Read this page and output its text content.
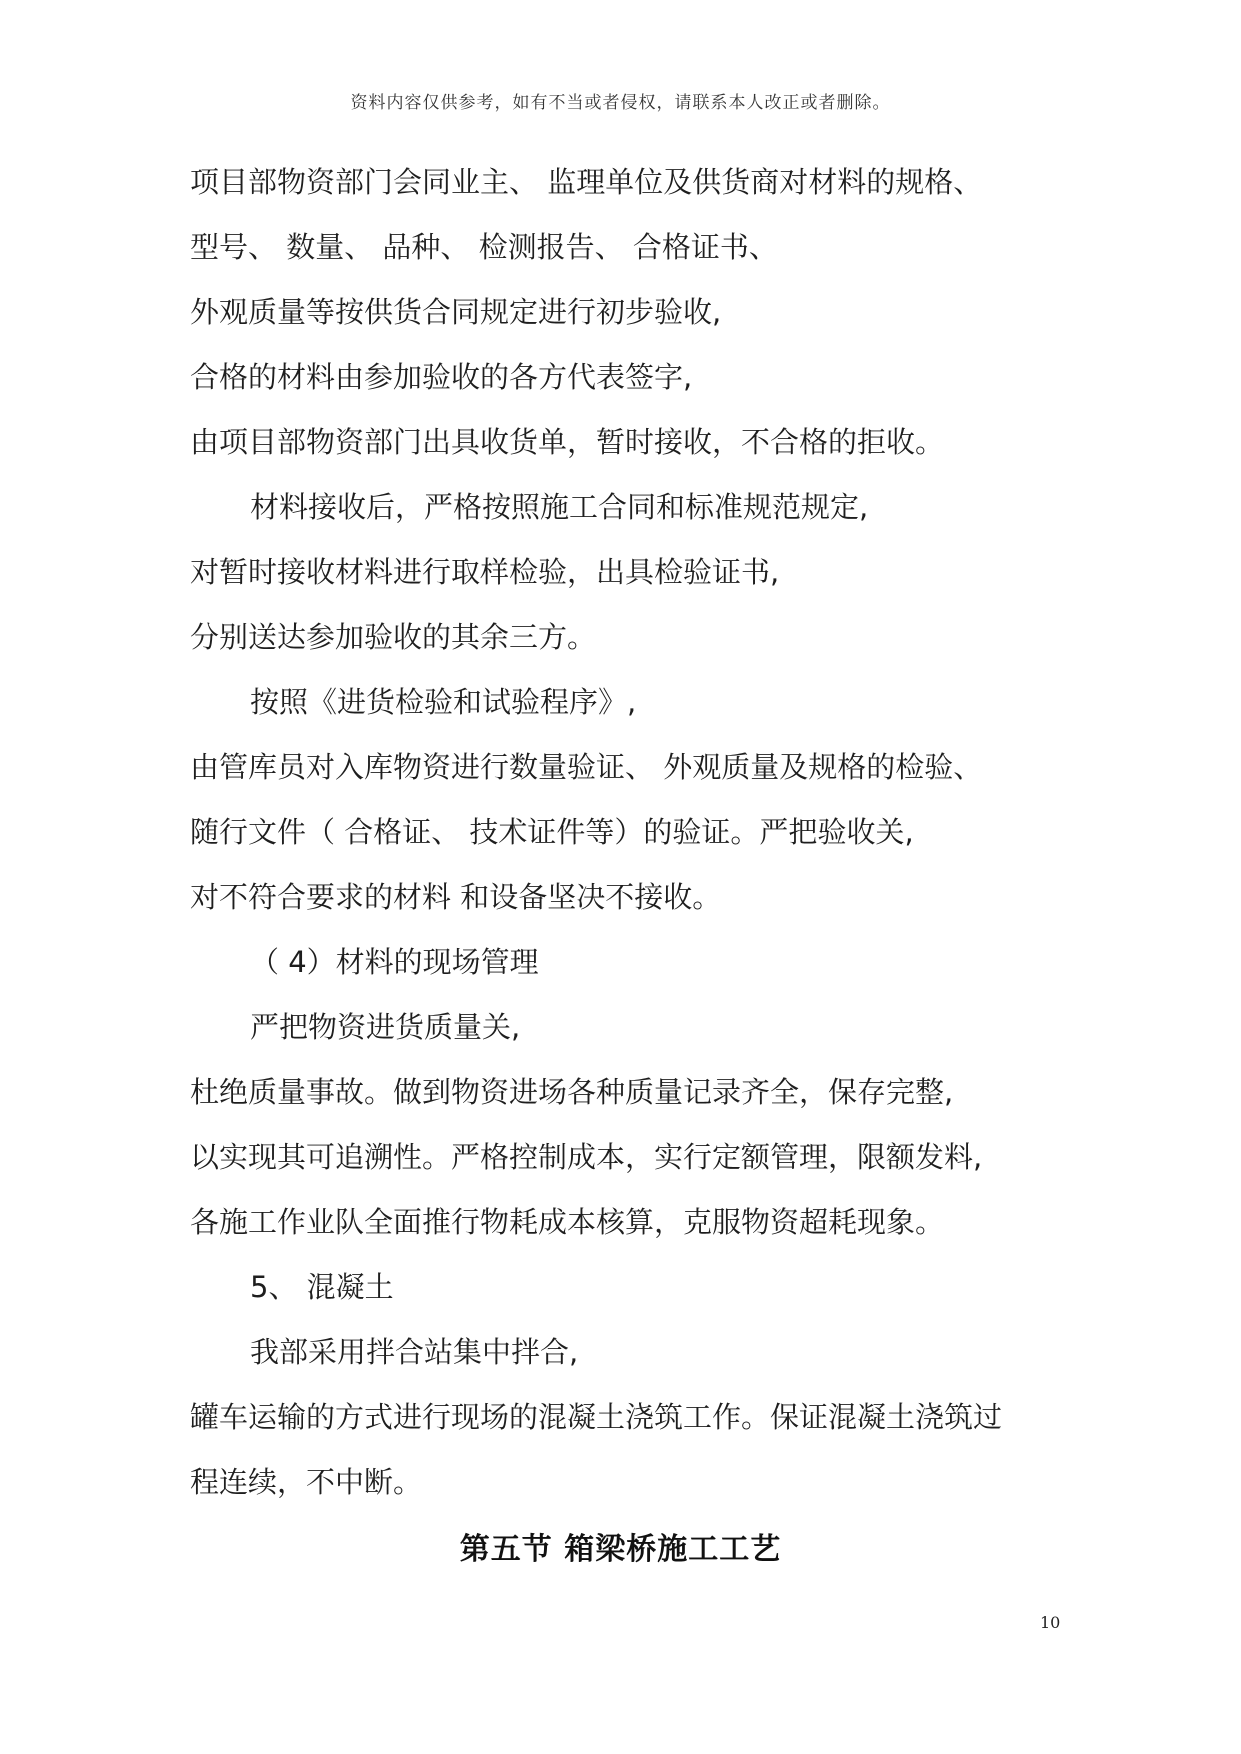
资料内容仅供参考，如有不当或者侵权，请联系本人改正或者删除。
项目部物资部门会同业主、 监理单位及供货商对材料的规格、
型号、 数量、 品种、 检测报告、 合格证书、
外观质量等按供货合同规定进行初步验收,
合格的材料由参加验收的各方代表签字,
由项目部物资部门出具收货单，暂时接收，不合格的拒收。
材料接收后，严格按照施工合同和标准规范规定,
对暂时接收材料进行取样检验，出具检验证书,
分别送达参加验收的其余三方。
按照《进货检验和试验程序》,
由管库员对入库物资进行数量验证、 外观质量及规格的检验、
随行文件（ 合格证、 技术证件等）的验证。严把验收关,
对不符合要求的材料 和设备坚决不接收。
（ 4）材料的现场管理
严把物资进货质量关,
杜绝质量事故。做到物资进场各种质量记录齐全，保存完整,
以实现其可追溯性。严格控制成本，实行定额管理，限额发料,
各施工作业队全面推行物耗成本核算，克服物资超耗现象。
5、 混凝土
我部采用拌合站集中拌合,
罐车运输的方式进行现场的混凝土浇筑工作。保证混凝土浇筑过
程连续，不中断。
第五节 箱梁桥施工工艺
10
